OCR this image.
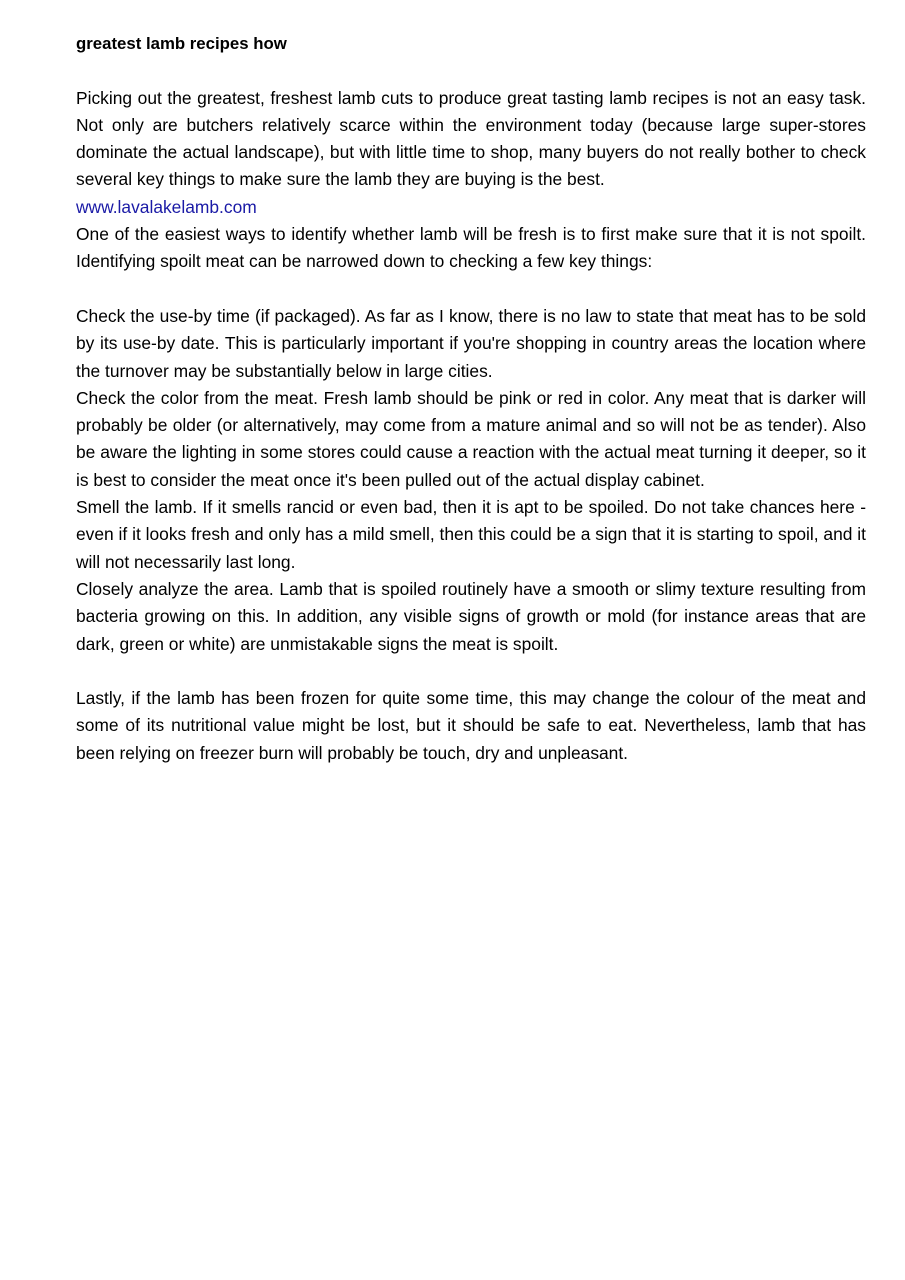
greatest lamb recipes how

Picking out the greatest, freshest lamb cuts to produce great tasting lamb recipes is not an easy task. Not only are butchers relatively scarce within the environment today (because large super-stores dominate the actual landscape), but with little time to shop, many buyers do not really bother to check several key things to make sure the lamb they are buying is the best.

www.lavalakelamb.com

One of the easiest ways to identify whether lamb will be fresh is to first make sure that it is not spoilt. Identifying spoilt meat can be narrowed down to checking a few key things:

Check the use-by time (if packaged). As far as I know, there is no law to state that meat has to be sold by its use-by date. This is particularly important if you're shopping in country areas the location where the turnover may be substantially below in large cities.

Check the color from the meat. Fresh lamb should be pink or red in color. Any meat that is darker will probably be older (or alternatively, may come from a mature animal and so will not be as tender). Also be aware the lighting in some stores could cause a reaction with the actual meat turning it deeper, so it is best to consider the meat once it's been pulled out of the actual display cabinet.

Smell the lamb. If it smells rancid or even bad, then it is apt to be spoiled. Do not take chances here - even if it looks fresh and only has a mild smell, then this could be a sign that it is starting to spoil, and it will not necessarily last long.

Closely analyze the area. Lamb that is spoiled routinely have a smooth or slimy texture resulting from bacteria growing on this. In addition, any visible signs of growth or mold (for instance areas that are dark, green or white) are unmistakable signs the meat is spoilt.

Lastly, if the lamb has been frozen for quite some time, this may change the colour of the meat and some of its nutritional value might be lost, but it should be safe to eat. Nevertheless, lamb that has been relying on freezer burn will probably be touch, dry and unpleasant.
